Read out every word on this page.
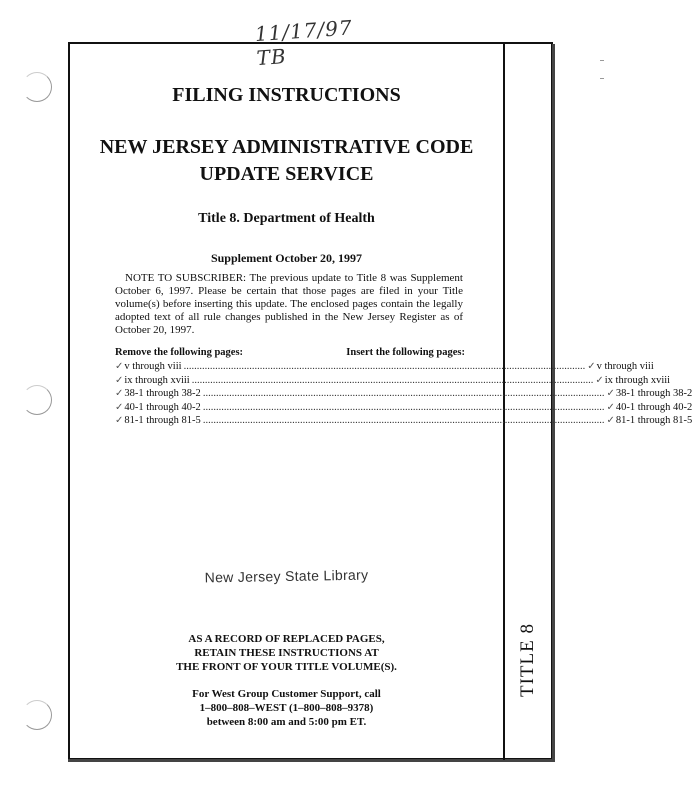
11/17/97 TB
TITLE 8
FILING INSTRUCTIONS
NEW JERSEY ADMINISTRATIVE CODE
UPDATE SERVICE
Title 8. Department of Health
Supplement October 20, 1997
NOTE TO SUBSCRIBER: The previous update to Title 8 was Supplement October 6, 1997. Please be certain that those pages are filed in your Title volume(s) before inserting this update. The enclosed pages contain the legally adopted text of all rule changes published in the New Jersey Register as of October 20, 1997.
Remove the following pages:	Insert the following pages:
✓v through viii ......................................................................................................................................................... ✓v through viii
✓ix through xviii ......................................................................................................................................................... ✓ix through xviii
✓38-1 through 38-2 ......................................................................................................................................................... ✓38-1 through 38-2
✓40-1 through 40-2 ......................................................................................................................................................... ✓40-1 through 40-2
✓81-1 through 81-5 ......................................................................................................................................................... ✓81-1 through 81-5
New Jersey State Library
AS A RECORD OF REPLACED PAGES,
RETAIN THESE INSTRUCTIONS AT
THE FRONT OF YOUR TITLE VOLUME(S).
For West Group Customer Support, call
1–800–808–WEST (1–800–808–9378)
between 8:00 am and 5:00 pm ET.
